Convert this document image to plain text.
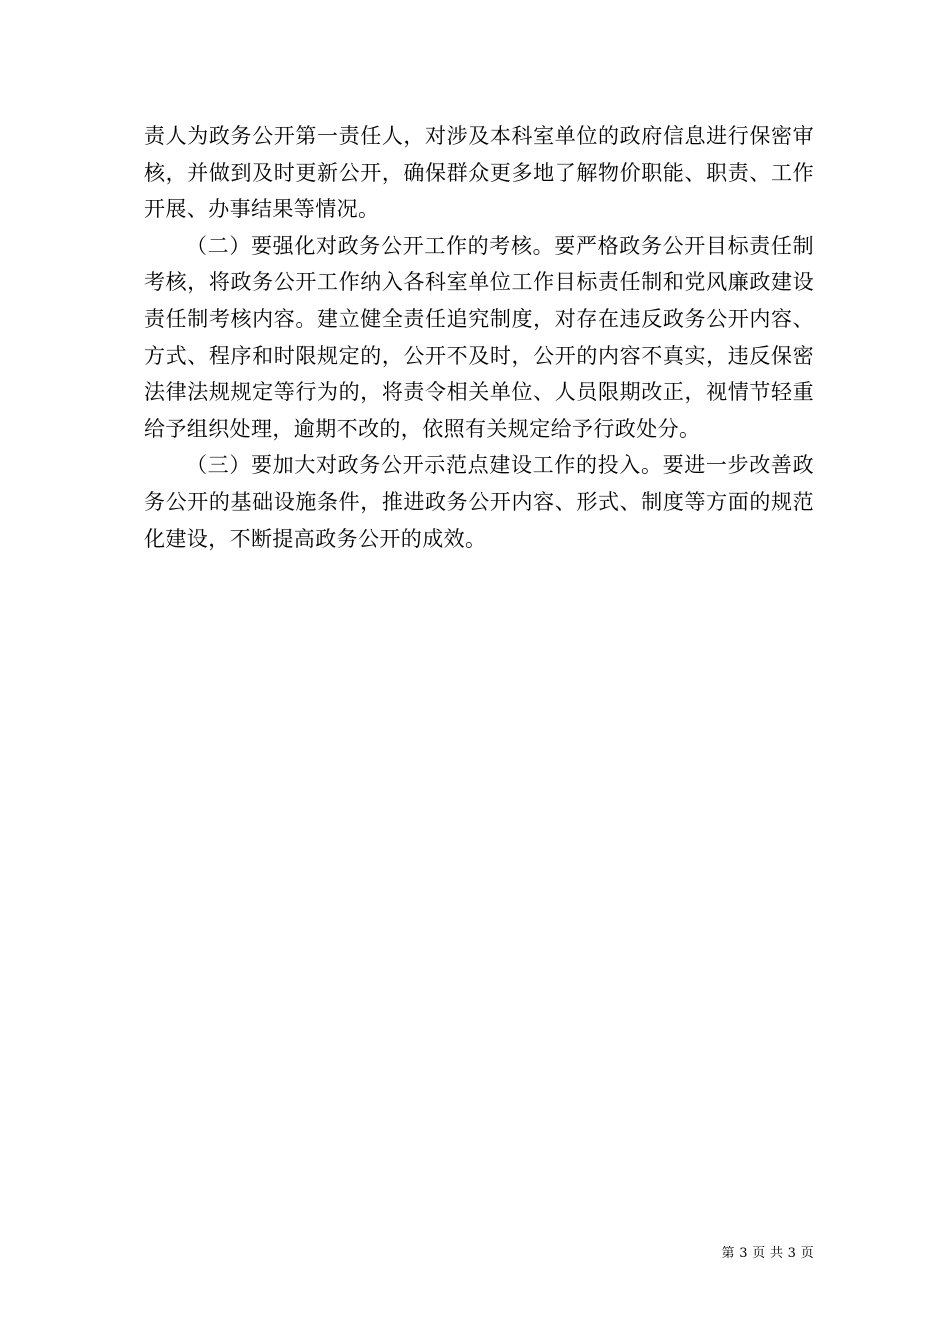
责人为政务公开第一责任人，对涉及本科室单位的政府信息进行保密审核，并做到及时更新公开，确保群众更多地了解物价职能、职责、工作开展、办事结果等情况。

（二）要强化对政务公开工作的考核。要严格政务公开目标责任制考核，将政务公开工作纳入各科室单位工作目标责任制和党风廉政建设责任制考核内容。建立健全责任追究制度，对存在违反政务公开内容、方式、程序和时限规定的，公开不及时，公开的内容不真实，违反保密法律法规规定等行为的，将责令相关单位、人员限期改正，视情节轻重给予组织处理，逾期不改的，依照有关规定给予行政处分。

（三）要加大对政务公开示范点建设工作的投入。要进一步改善政务公开的基础设施条件，推进政务公开内容、形式、制度等方面的规范化建设，不断提高政务公开的成效。

第 3 页 共 3 页
